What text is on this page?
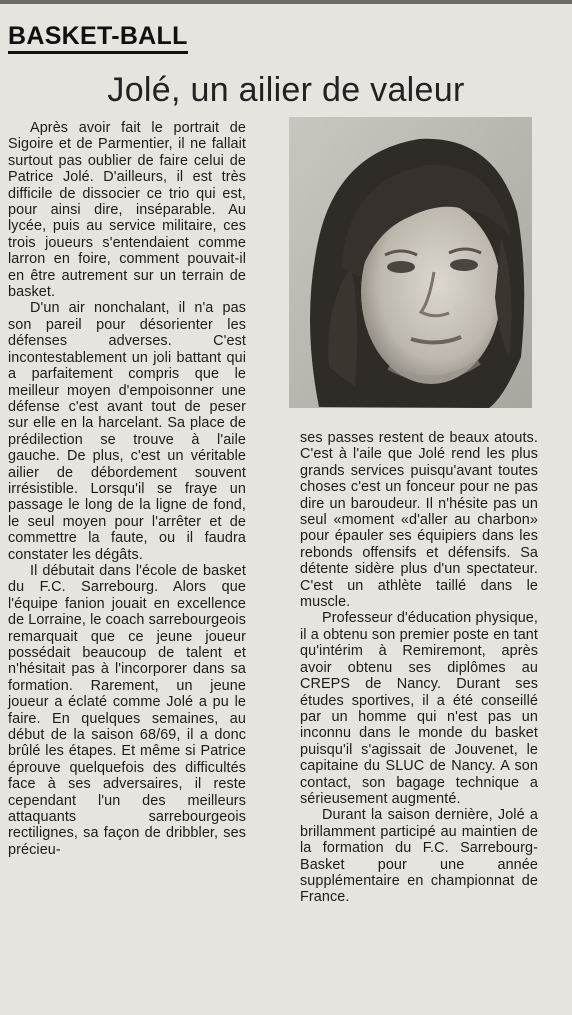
BASKET-BALL
Jolé, un ailier de valeur

Après avoir fait le portrait de Sigoire et de Parmentier, il ne fallait surtout pas oublier de faire celui de Patrice Jolé. D'ailleurs, il est très difficile de dissocier ce trio qui est, pour ainsi dire, inséparable. Au lycée, puis au service militaire, ces trois joueurs s'entendaient comme larron en foire, comment pouvait-il en être autrement sur un terrain de basket.

D'un air nonchalant, il n'a pas son pareil pour désorienter les défenses adverses. C'est incontestablement un joli battant qui a parfaitement compris que le meilleur moyen d'empoisonner une défense c'est avant tout de peser sur elle en la harcelant. Sa place de prédilection se trouve à l'aile gauche. De plus, c'est un véritable ailier de débordement souvent irrésistible. Lorsqu'il se fraye un passage le long de la ligne de fond, le seul moyen pour l'arrêter et de commettre la faute, ou il faudra constater les dégâts.

Il débutait dans l'école de basket du F.C. Sarrebourg. Alors que l'équipe fanion jouait en excellence de Lorraine, le coach sarrebourgeois remarquait que ce jeune joueur possédait beaucoup de talent et n'hésitait pas à l'incorporer dans sa formation. Rarement, un jeune joueur a éclaté comme Jolé a pu le faire. En quelques semaines, au début de la saison 68/69, il a donc brûlé les étapes. Et même si Patrice éprouve quelquefois des difficultés face à ses adversaires, il reste cependant l'un des meilleurs attaquants sarrebourgeois rectilignes, sa façon de dribbler, ses précieu-

ses passes restent de beaux atouts. C'est à l'aile que Jolé rend les plus grands services puisqu'avant toutes choses c'est un fonceur pour ne pas dire un baroudeur. Il n'hésite pas un seul «moment «d'aller au charbon» pour épauler ses équipiers dans les rebonds offensifs et défensifs. Sa détente sidère plus d'un spectateur. C'est un athlète taillé dans le muscle.

Professeur d'éducation physique, il a obtenu son premier poste en tant qu'intérim à Remiremont, après avoir obtenu ses diplômes au CREPS de Nancy. Durant ses études sportives, il a été conseillé par un homme qui n'est pas un inconnu dans le monde du basket puisqu'il s'agissait de Jouvenet, le capitaine du SLUC de Nancy. A son contact, son bagage technique a sérieusement augmenté.

Durant la saison dernière, Jolé a brillamment participé au maintien de la formation du F.C. Sarrebourg-Basket pour une année supplémentaire en championnat de France.
